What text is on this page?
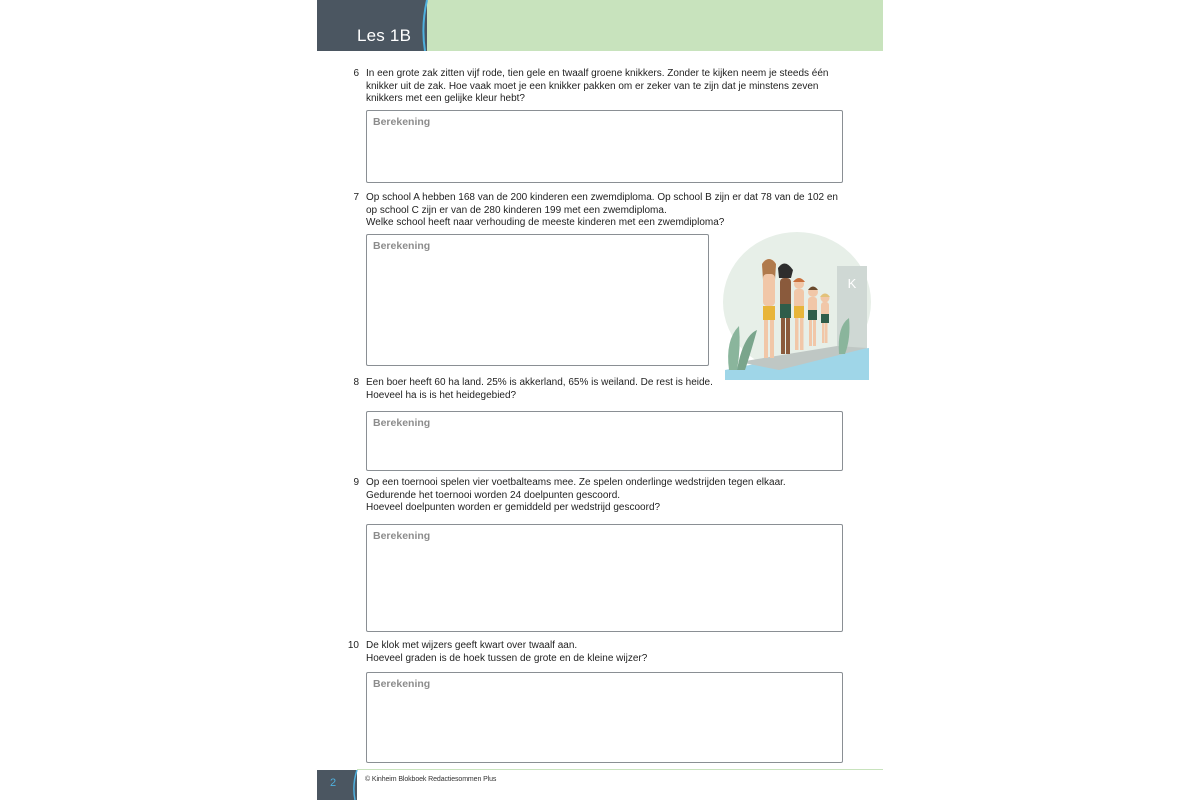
Les 1B
6 In een grote zak zitten vijf rode, tien gele en twaalf groene knikkers. Zonder te kijken neem je steeds één
knikker uit de zak. Hoe vaak moet je een knikker pakken om er zeker van te zijn dat je minstens zeven
knikkers met een gelijke kleur hebt?
Berekening
7 Op school A hebben 168 van de 200 kinderen een zwemdiploma. Op school B zijn er dat 78 van de 102 en
op school C zijn er van de 280 kinderen 199 met een zwemdiploma.
Welke school heeft naar verhouding de meeste kinderen met een zwemdiploma?
Berekening
K
8 Een boer heeft 60 ha land. 25% is akkerland, 65% is weiland. De rest is heide.
Hoeveel ha is is het heidegebied?
Berekening
9 Op een toernooi spelen vier voetbalteams mee. Ze spelen onderlinge wedstrijden tegen elkaar.
Gedurende het toernooi worden 24 doelpunten gescoord.
Hoeveel doelpunten worden er gemiddeld per wedstrijd gescoord?
Berekening
10 De klok met wijzers geeft kwart over twaalf aan.
Hoeveel graden is de hoek tussen de grote en de kleine wijzer?
Berekening
2	© Kinheim Blokboek Redactiesommen Plus
